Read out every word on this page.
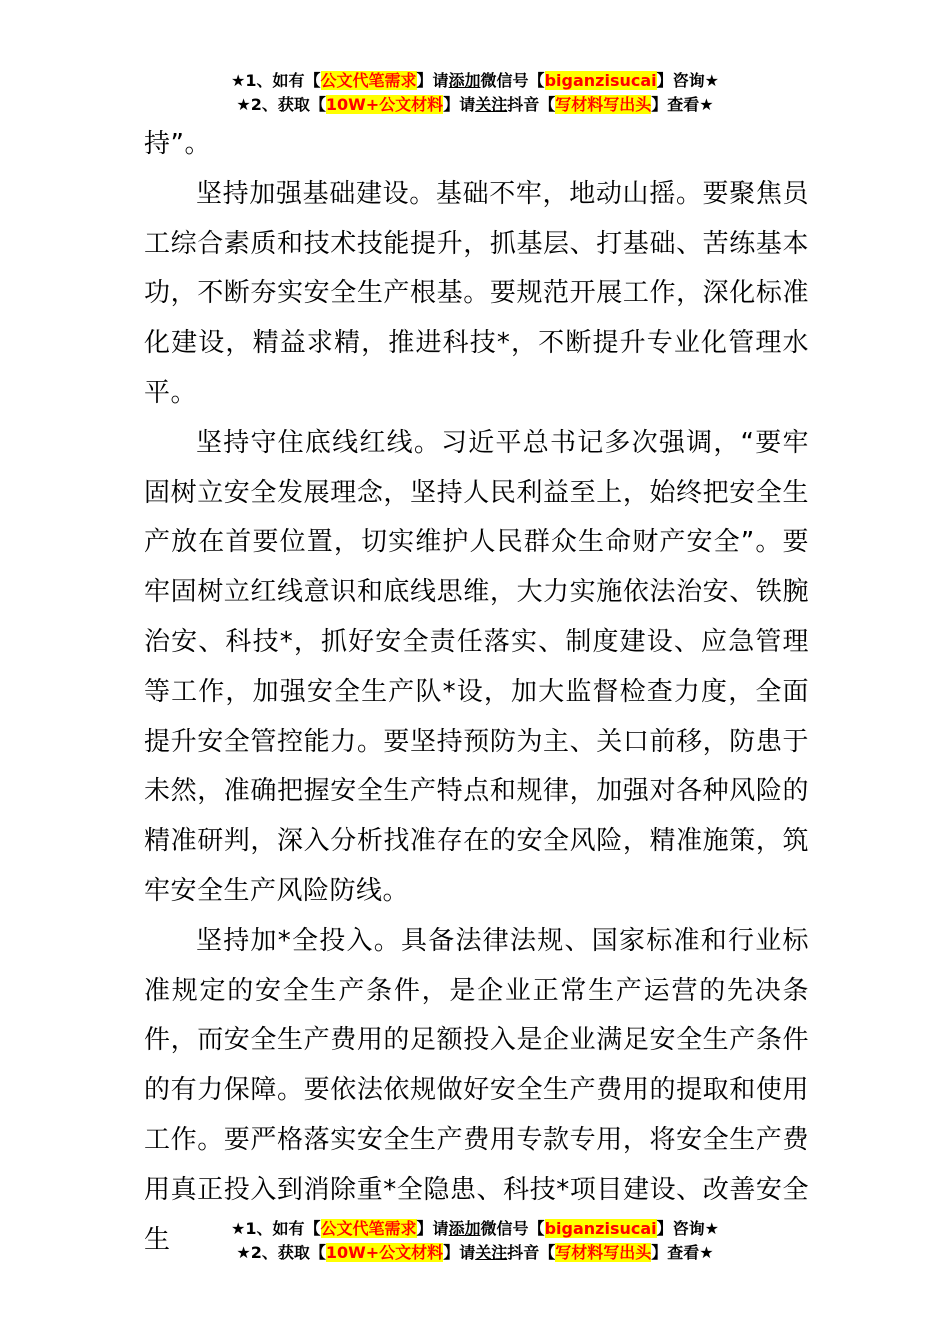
★1、如有【公文代笔需求】请添加微信号【biganzisucai】咨询★
★2、获取【10W+公文材料】请关注抖音【写材料写出头】查看★

持”。

坚持加强基础建设。基础不牢，地动山摇。要聚焦员工综合素质和技术技能提升，抓基层、打基础、苦练基本功，不断夯实安全生产根基。要规范开展工作，深化标准化建设，精益求精，推进科技*，不断提升专业化管理水平。

坚持守住底线红线。习近平总书记多次强调，“要牢固树立安全发展理念，坚持人民利益至上，始终把安全生产放在首要位置，切实维护人民群众生命财产安全”。要牢固树立红线意识和底线思维，大力实施依法治安、铁腕治安、科技*，抓好安全责任落实、制度建设、应急管理等工作，加强安全生产队*设，加大监督检查力度，全面提升安全管控能力。要坚持预防为主、关口前移，防患于未然，准确把握安全生产特点和规律，加强对各种风险的精准研判，深入分析找准存在的安全风险，精准施策，筑牢安全生产风险防线。

坚持加*全投入。具备法律法规、国家标准和行业标准规定的安全生产条件，是企业正常生产运营的先决条件，而安全生产费用的足额投入是企业满足安全生产条件的有力保障。要依法依规做好安全生产费用的提取和使用工作。要严格落实安全生产费用专款专用，将安全生产费用真正投入到消除重*全隐患、科技*项目建设、改善安全生	★1、如有【公文代笔需求】请添加微信号【biganzisucai】咨询★
★2、获取【10W+公文材料】请关注抖音【写材料写出头】查看★
